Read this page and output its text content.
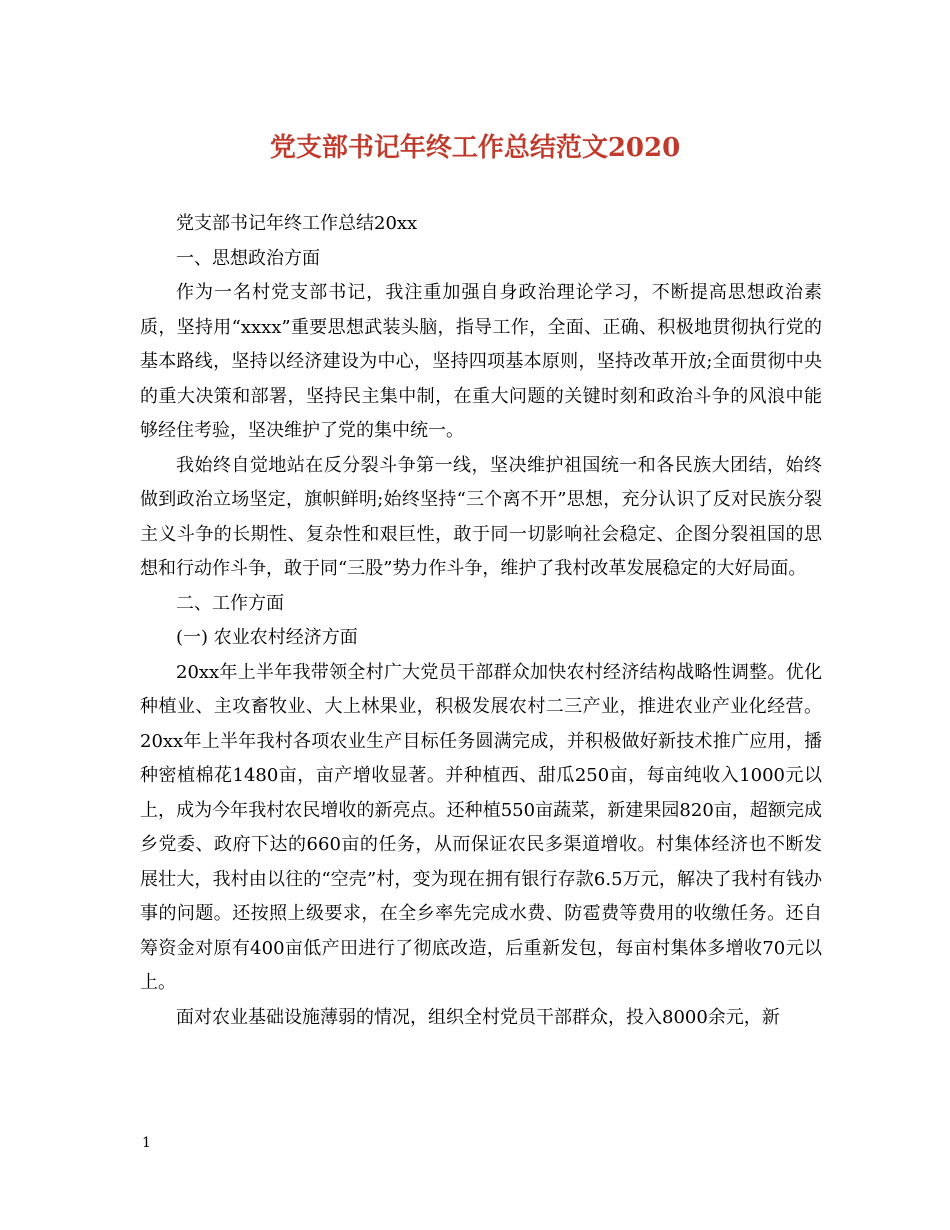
党支部书记年终工作总结范文2020

党支部书记年终工作总结20xx

一、思想政治方面

作为一名村党支部书记，我注重加强自身政治理论学习，不断提高思想政治素质，坚持用“xxxx”重要思想武装头脑，指导工作，全面、正确、积极地贯彻执行党的基本路线，坚持以经济建设为中心，坚持四项基本原则，坚持改革开放;全面贯彻中央的重大决策和部署，坚持民主集中制，在重大问题的关键时刻和政治斗争的风浪中能够经住考验，坚决维护了党的集中统一。

我始终自觉地站在反分裂斗争第一线，坚决维护祖国统一和各民族大团结，始终做到政治立场坚定，旗帜鲜明;始终坚持“三个离不开”思想，充分认识了反对民族分裂主义斗争的长期性、复杂性和艰巨性，敢于同一切影响社会稳定、企图分裂祖国的思想和行动作斗争，敢于同“三股”势力作斗争，维护了我村改革发展稳定的大好局面。

二、工作方面

(一) 农业农村经济方面

20xx年上半年我带领全村广大党员干部群众加快农村经济结构战略性调整。优化种植业、主攻畜牧业、大上林果业，积极发展农村二三产业，推进农业产业化经营。20xx年上半年我村各项农业生产目标任务圆满完成，并积极做好新技术推广应用，播种密植棉花1480亩，亩产增收显著。并种植西、甜瓜250亩，每亩纯收入1000元以上，成为今年我村农民增收的新亮点。还种植550亩蔬菜，新建果园820亩，超额完成乡党委、政府下达的660亩的任务，从而保证农民多渠道增收。村集体经济也不断发展壮大，我村由以往的“空壳”村，变为现在拥有银行存款6.5万元，解决了我村有钱办事的问题。还按照上级要求，在全乡率先完成水费、防雹费等费用的收缴任务。还自筹资金对原有400亩低产田进行了彻底改造，后重新发包，每亩村集体多增收70元以上。

面对农业基础设施薄弱的情况，组织全村党员干部群众，投入8000余元，新

1
